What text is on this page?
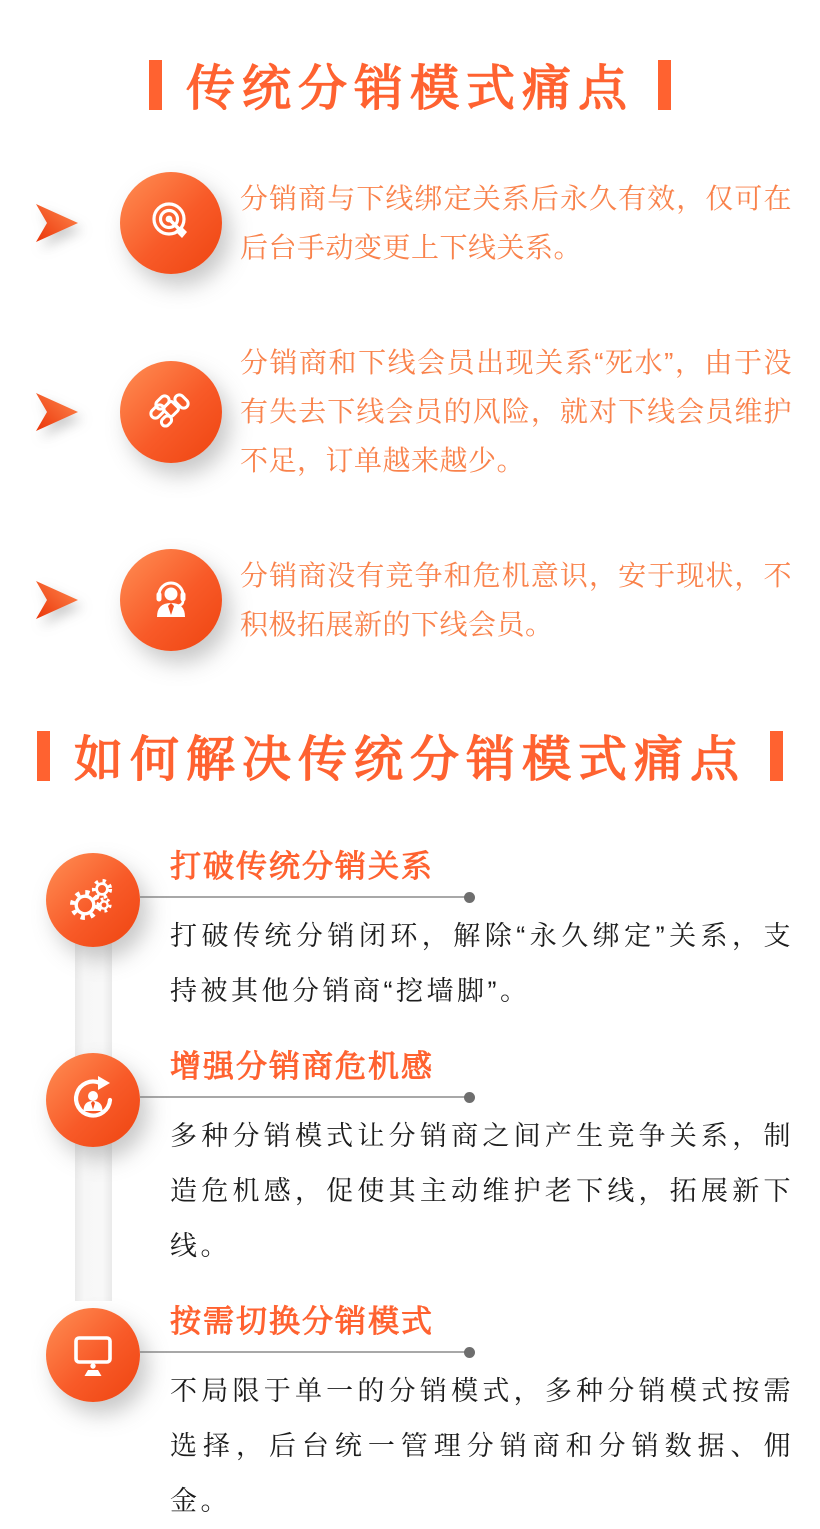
传统分销模式痛点

分销商与下线绑定关系后永久有效，仅可在后台手动变更上下线关系。

分销商和下线会员出现关系“死水”，由于没有失去下线会员的风险，就对下线会员维护不足，订单越来越少。

分销商没有竞争和危机意识，安于现状，不积极拓展新的下线会员。

如何解决传统分销模式痛点
打破传统分销关系

打破传统分销闭环，解除“永久绑定”关系，支持被其他分销商“挖墙脚”。

增强分销商危机感

多种分销模式让分销商之间产生竞争关系，制造危机感，促使其主动维护老下线，拓展新下线。

按需切换分销模式

不局限于单一的分销模式，多种分销模式按需选择，后台统一管理分销商和分销数据、佣金。
